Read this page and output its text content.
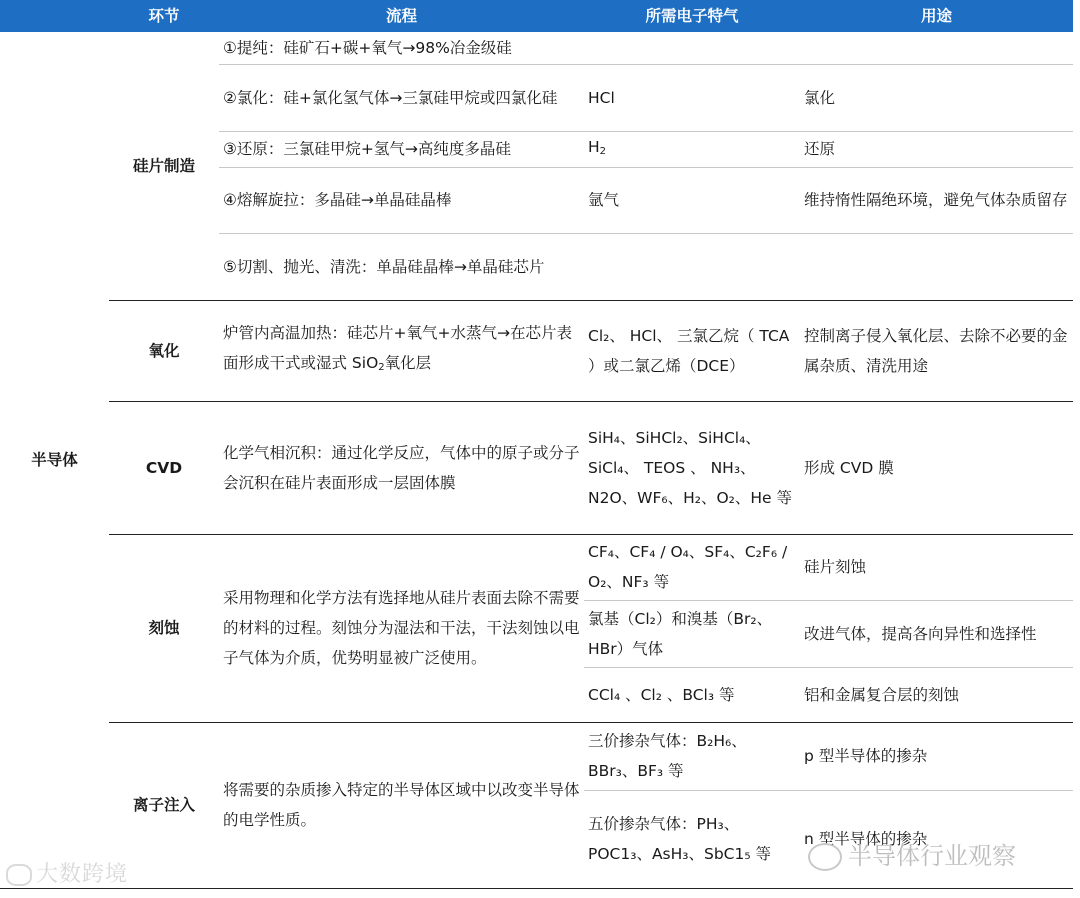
	环节	流程	所需电子特气	用途
半导体	硅片制造	①提纯：硅矿石+碳+氧气→98%冶金级硅		
		②氯化：硅+氯化氢气体→三氯硅甲烷或四氯化硅	HCl	氯化
		③还原：三氯硅甲烷+氢气→高纯度多晶硅	$H_2$	还原
		④熔解旋拉：多晶硅→单晶硅晶棒	氩气	维持惰性隔绝环境，避免气体杂质留存
		⑤切割、抛光、清洗：单晶硅晶棒→单晶硅芯片		
	氧化	炉管内高温加热：硅芯片+氧气+水蒸气→在芯片表面形成干式或湿式 SiO$_2$氧化层	Cl₂、 HCl、 三氯乙烷（ TCA ）或二氯乙烯（DCE）	控制离子侵入氧化层、去除不必要的金属杂质、清洗用途
	CVD	化学气相沉积：通过化学反应，气体中的原子或分子会沉积在硅片表面形成一层固体膜	SiH₄、SiHCl₂、SiHCl₄、SiCl₄、 TEOS 、 NH₃、N2O、WF₆、H₂、O₂、He 等	形成 CVD 膜
	刻蚀	采用物理和化学方法有选择地从硅片表面去除不需要的材料的过程。刻蚀分为湿法和干法，干法刻蚀以电子气体为介质，优势明显被广泛使用。	CF₄、CF₄ / O₄、SF₄、C₂F₆ / O₂、NF₃ 等	硅片刻蚀
			氯基（Cl₂）和溴基（Br₂、HBr）气体	改进气体，提高各向异性和选择性
			CCl₄ 、Cl₂ 、BCl₃ 等	铝和金属复合层的刻蚀
	离子注入	将需要的杂质掺入特定的半导体区域中以改变半导体的电学性质。	三价掺杂气体：B₂H₆、BBr₃、BF₃ 等	p 型半导体的掺杂
			五价掺杂气体：PH₃、POC1₃、AsH₃、SbC1₅ 等	n 型半导体的掺杂
大数跨境
半导体行业观察
